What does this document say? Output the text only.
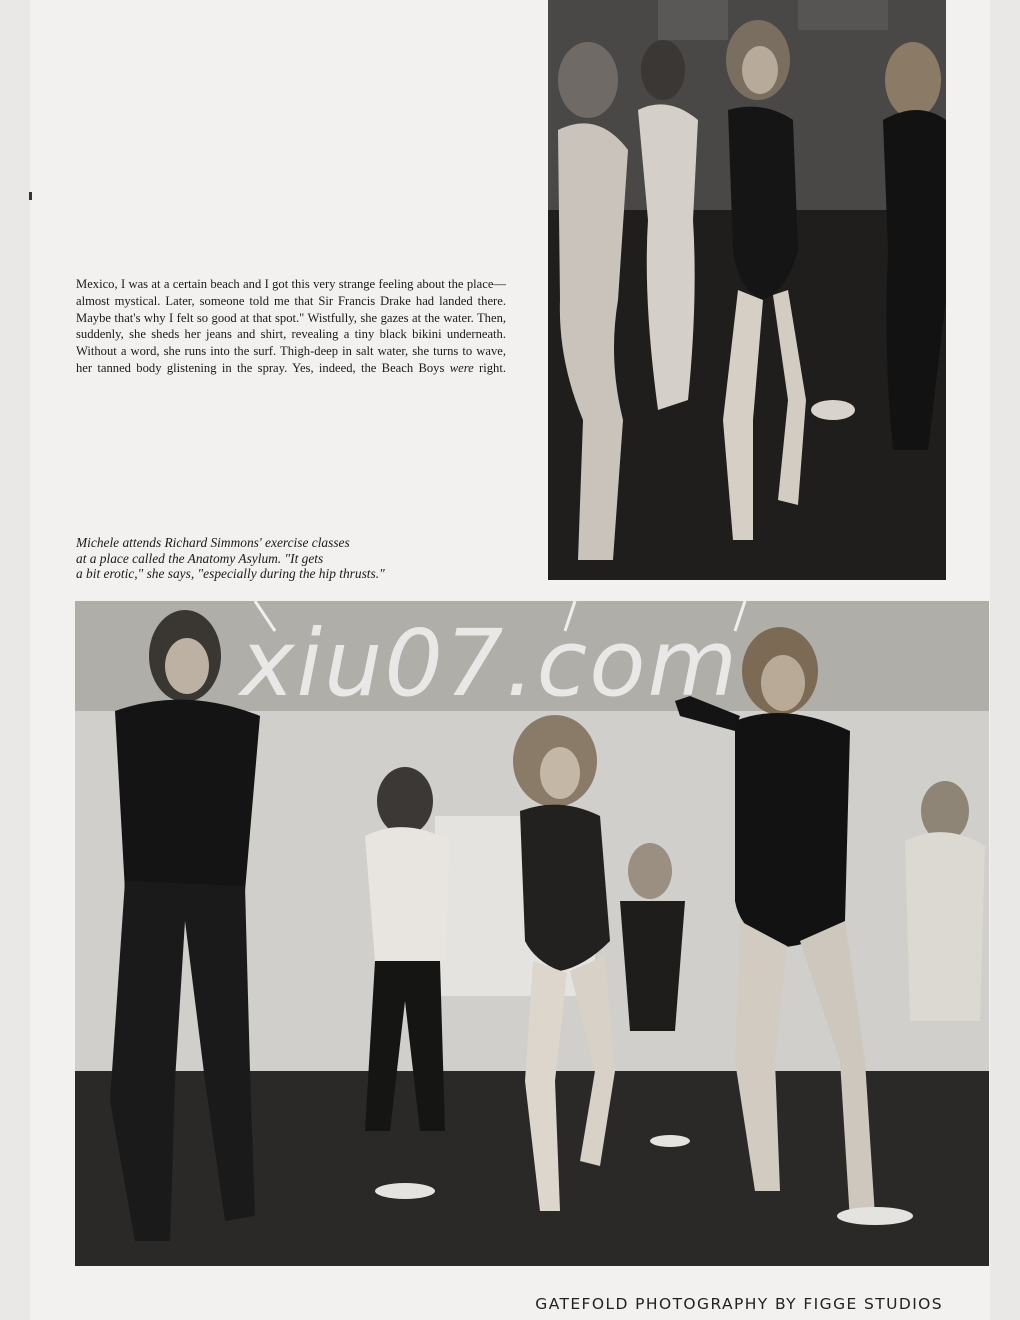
Mexico, I was at a certain beach and I got this very strange feeling about the place—almost mystical. Later, someone told me that Sir Francis Drake had landed there. Maybe that's why I felt so good at that spot." Wistfully, she gazes at the water. Then, suddenly, she sheds her jeans and shirt, revealing a tiny black bikini underneath. Without a word, she runs into the surf. Thigh-deep in salt water, she turns to wave, her tanned body glistening in the spray. Yes, indeed, the Beach Boys were right.

Michele attends Richard Simmons' exercise classes
at a place called the Anatomy Asylum. "It gets
a bit erotic," she says, "especially during the hip thrusts."

xiu07.com
GATEFOLD PHOTOGRAPHY BY FIGGE STUDIOS
